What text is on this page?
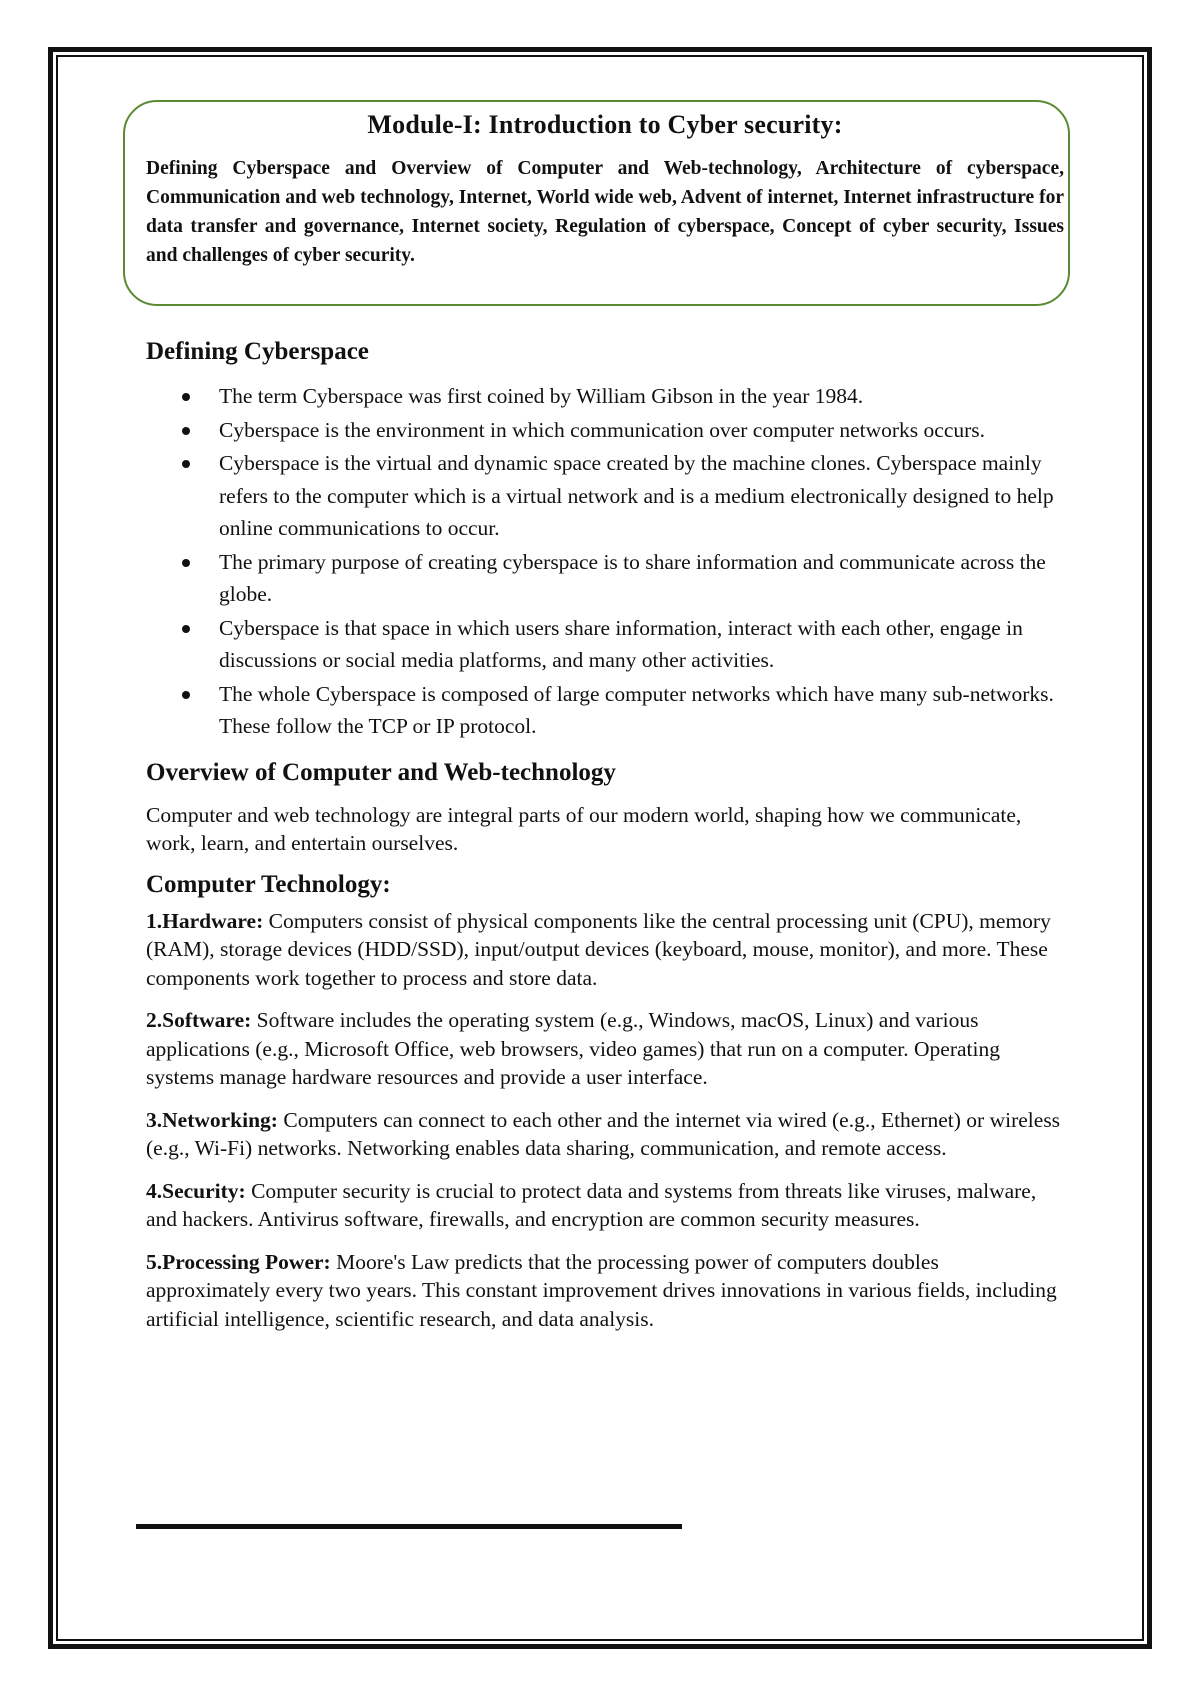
Module-I: Introduction to Cyber security:

Defining Cyberspace and Overview of Computer and Web-technology, Architecture of cyberspace, Communication and web technology, Internet, World wide web, Advent of internet, Internet infrastructure for data transfer and governance, Internet society, Regulation of cyberspace, Concept of cyber security, Issues and challenges of cyber security.

Defining Cyberspace
The term Cyberspace was first coined by William Gibson in the year 1984.
Cyberspace is the environment in which communication over computer networks occurs.
Cyberspace is the virtual and dynamic space created by the machine clones. Cyberspace mainly refers to the computer which is a virtual network and is a medium electronically designed to help online communications to occur.
The primary purpose of creating cyberspace is to share information and communicate across the globe.
Cyberspace is that space in which users share information, interact with each other, engage in discussions or social media platforms, and many other activities.
The whole Cyberspace is composed of large computer networks which have many sub-networks. These follow the TCP or IP protocol.
Overview of Computer and Web-technology

Computer and web technology are integral parts of our modern world, shaping how we communicate, work, learn, and entertain ourselves.

Computer Technology:

1.Hardware: Computers consist of physical components like the central processing unit (CPU), memory (RAM), storage devices (HDD/SSD), input/output devices (keyboard, mouse, monitor), and more. These components work together to process and store data.

2.Software: Software includes the operating system (e.g., Windows, macOS, Linux) and various applications (e.g., Microsoft Office, web browsers, video games) that run on a computer. Operating systems manage hardware resources and provide a user interface.

3.Networking: Computers can connect to each other and the internet via wired (e.g., Ethernet) or wireless (e.g., Wi-Fi) networks. Networking enables data sharing, communication, and remote access.

4.Security: Computer security is crucial to protect data and systems from threats like viruses, malware, and hackers. Antivirus software, firewalls, and encryption are common security measures.

5.Processing Power: Moore's Law predicts that the processing power of computers doubles approximately every two years. This constant improvement drives innovations in various fields, including artificial intelligence, scientific research, and data analysis.
